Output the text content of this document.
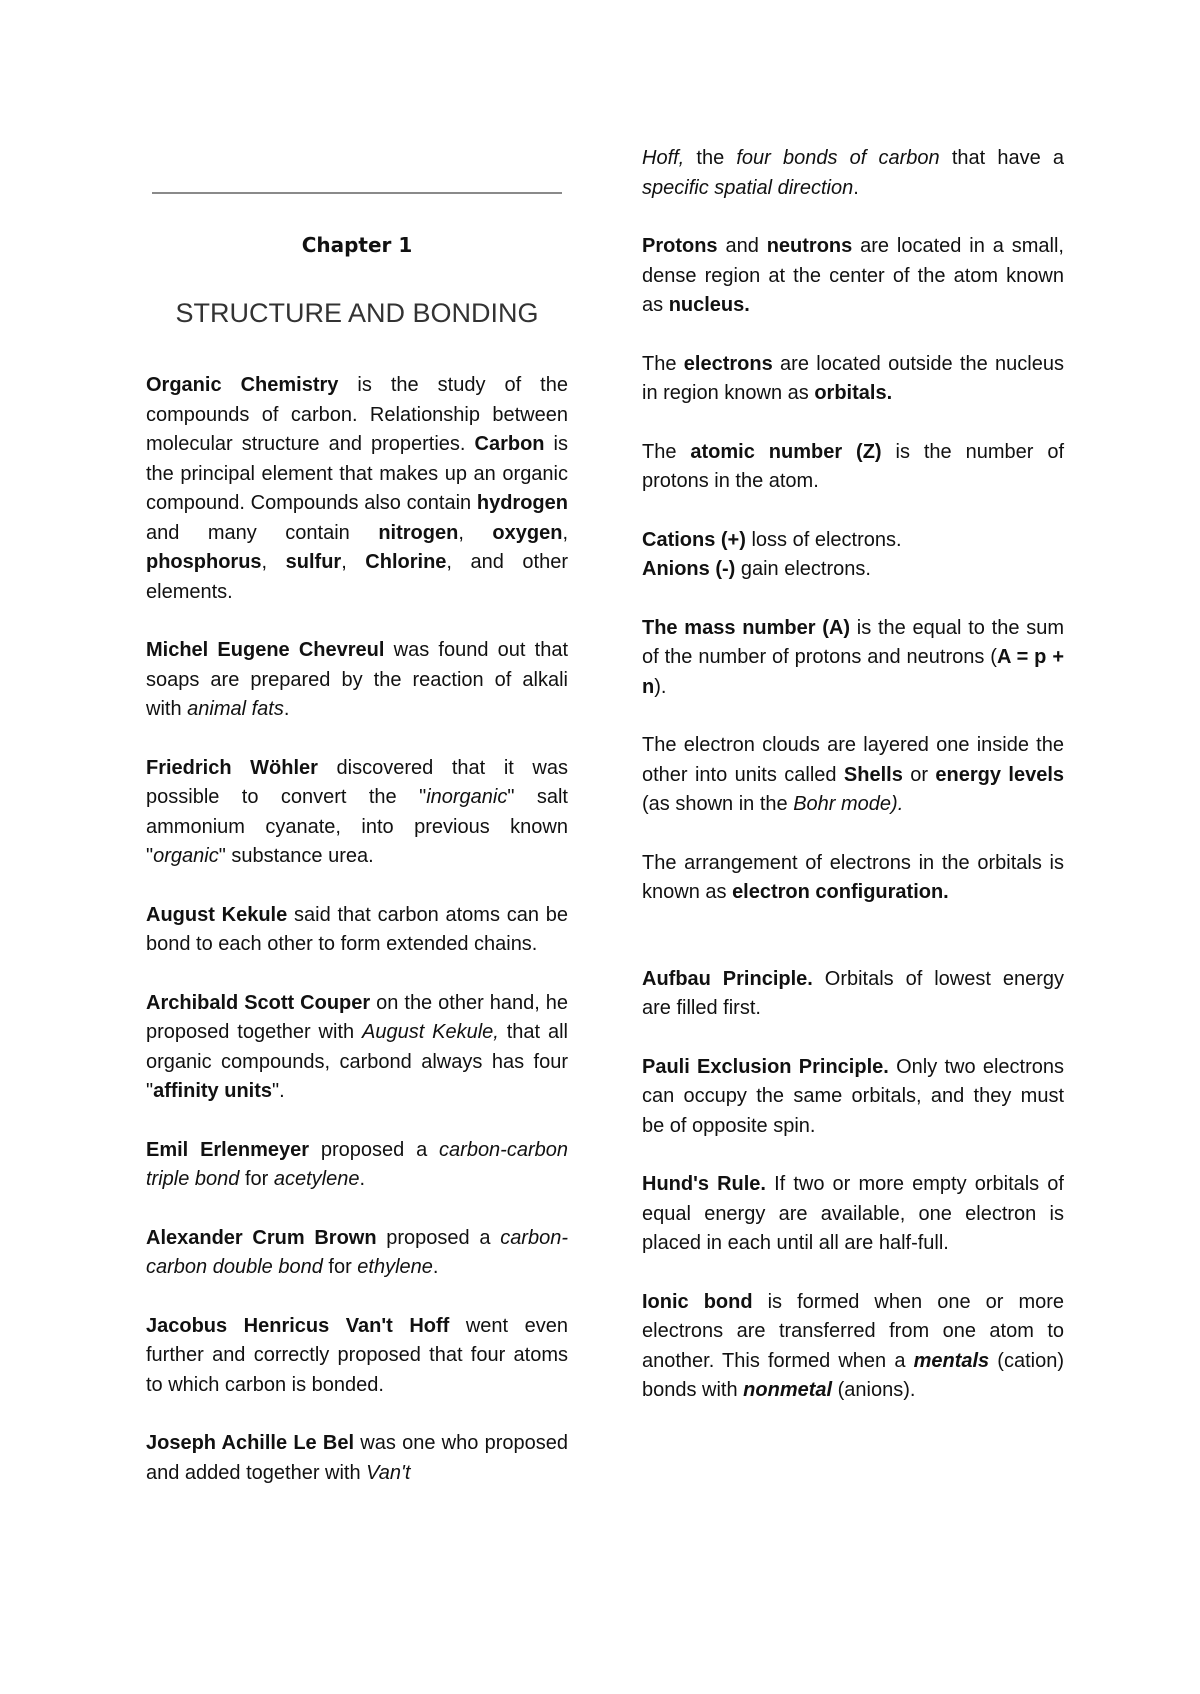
Chapter 1
STRUCTURE AND BONDING

Organic Chemistry is the study of the compounds of carbon. Relationship between molecular structure and properties. Carbon is the principal element that makes up an organic compound. Compounds also contain hydrogen and many contain nitrogen, oxygen, phosphorus, sulfur, Chlorine, and other elements.

Michel Eugene Chevreul was found out that soaps are prepared by the reaction of alkali with animal fats.

Friedrich Wöhler discovered that it was possible to convert the "inorganic" salt ammonium cyanate, into previous known "organic" substance urea.

August Kekule said that carbon atoms can be bond to each other to form extended chains.

Archibald Scott Couper on the other hand, he proposed together with August Kekule, that all organic compounds, carbond always has four "affinity units".

Emil Erlenmeyer proposed a carbon-carbon triple bond for acetylene.

Alexander Crum Brown proposed a carbon-carbon double bond for ethylene.

Jacobus Henricus Van't Hoff went even further and correctly proposed that four atoms to which carbon is bonded.

Joseph Achille Le Bel was one who proposed and added together with Van't

Hoff, the four bonds of carbon that have a specific spatial direction.

Protons and neutrons are located in a small, dense region at the center of the atom known as nucleus.

The electrons are located outside the nucleus in region known as orbitals.

The atomic number (Z) is the number of protons in the atom.

Cations (+) loss of electrons.
Anions (-) gain electrons.

The mass number (A) is the equal to the sum of the number of protons and neutrons (A = p + n).

The electron clouds are layered one inside the other into units called Shells or energy levels (as shown in the Bohr mode).

The arrangement of electrons in the orbitals is known as electron configuration.

Aufbau Principle. Orbitals of lowest energy are filled first.

Pauli Exclusion Principle. Only two electrons can occupy the same orbitals, and they must be of opposite spin.

Hund's Rule. If two or more empty orbitals of equal energy are available, one electron is placed in each until all are half-full.

Ionic bond is formed when one or more electrons are transferred from one atom to another. This formed when a mentals (cation) bonds with nonmetal (anions).
